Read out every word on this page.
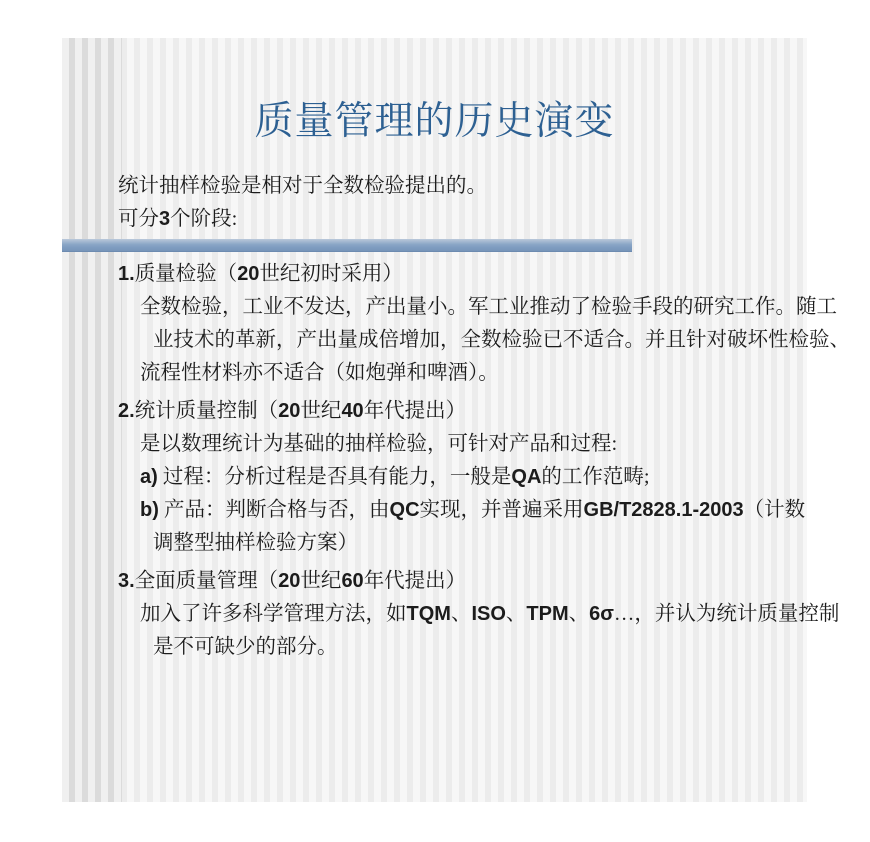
质量管理的历史演变
统计抽样检验是相对于全数检验提出的。
可分3个阶段:
1.质量检验（20世纪初时采用）
全数检验，工业不发达，产出量小。军工业推动了检验手段的研究工作。随工
业技术的革新，产出量成倍增加，全数检验已不适合。并且针对破坏性检验、
流程性材料亦不适合（如炮弹和啤酒）。
2.统计质量控制（20世纪40年代提出）
是以数理统计为基础的抽样检验，可针对产品和过程:
a) 过程：分析过程是否具有能力，一般是QA的工作范畴;
b) 产品：判断合格与否，由QC实现，并普遍采用GB/T2828.1-2003（计数
调整型抽样检验方案）
3.全面质量管理（20世纪60年代提出）
加入了许多科学管理方法，如TQM、ISO、TPM、6σ…，并认为统计质量控制
是不可缺少的部分。
